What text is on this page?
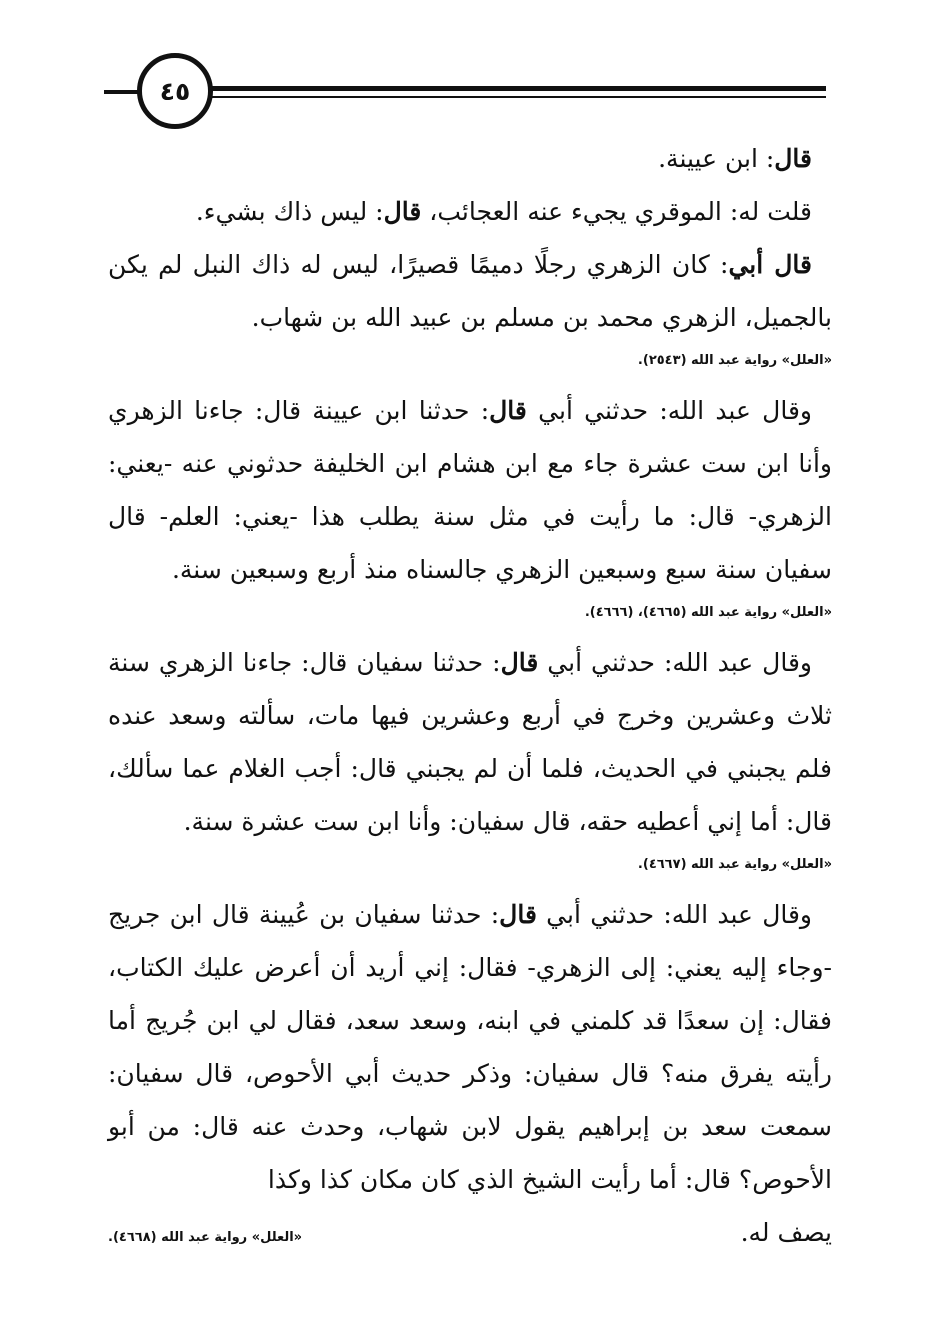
٤٥

قال: ابن عيينة.

قلت له: الموقري يجيء عنه العجائب، قال: ليس ذاك بشيء.

قال أبي: كان الزهري رجلًا دميمًا قصيرًا، ليس له ذاك النبل لم يكن بالجميل، الزهري محمد بن مسلم بن عبيد الله بن شهاب.

«العلل» رواية عبد الله (٢٥٤٣).

وقال عبد الله: حدثني أبي قال: حدثنا ابن عيينة قال: جاءنا الزهري وأنا ابن ست عشرة جاء مع ابن هشام ابن الخليفة حدثوني عنه -يعني: الزهري- قال: ما رأيت في مثل سنة يطلب هذا -يعني: العلم- قال سفيان سنة سبع وسبعين الزهري جالسناه منذ أربع وسبعين سنة.

«العلل» رواية عبد الله (٤٦٦٥)، (٤٦٦٦).

وقال عبد الله: حدثني أبي قال: حدثنا سفيان قال: جاءنا الزهري سنة ثلاث وعشرين وخرج في أربع وعشرين فيها مات، سألته وسعد عنده فلم يجبني في الحديث، فلما أن لم يجبني قال: أجب الغلام عما سألك، قال: أما إني أعطيه حقه، قال سفيان: وأنا ابن ست عشرة سنة.

«العلل» رواية عبد الله (٤٦٦٧).

وقال عبد الله: حدثني أبي قال: حدثنا سفيان بن عُيينة قال ابن جريج -وجاء إليه يعني: إلى الزهري- فقال: إني أريد أن أعرض عليك الكتاب، فقال: إن سعدًا قد كلمني في ابنه، وسعد سعد، فقال لي ابن جُريج أما رأيته يفرق منه؟ قال سفيان: وذكر حديث أبي الأحوص، قال سفيان: سمعت سعد بن إبراهيم يقول لابن شهاب، وحدث عنه قال: من أبو الأحوص؟ قال: أما رأيت الشيخ الذي كان مكان كذا وكذا

يصف له.
«العلل» رواية عبد الله (٤٦٦٨).
